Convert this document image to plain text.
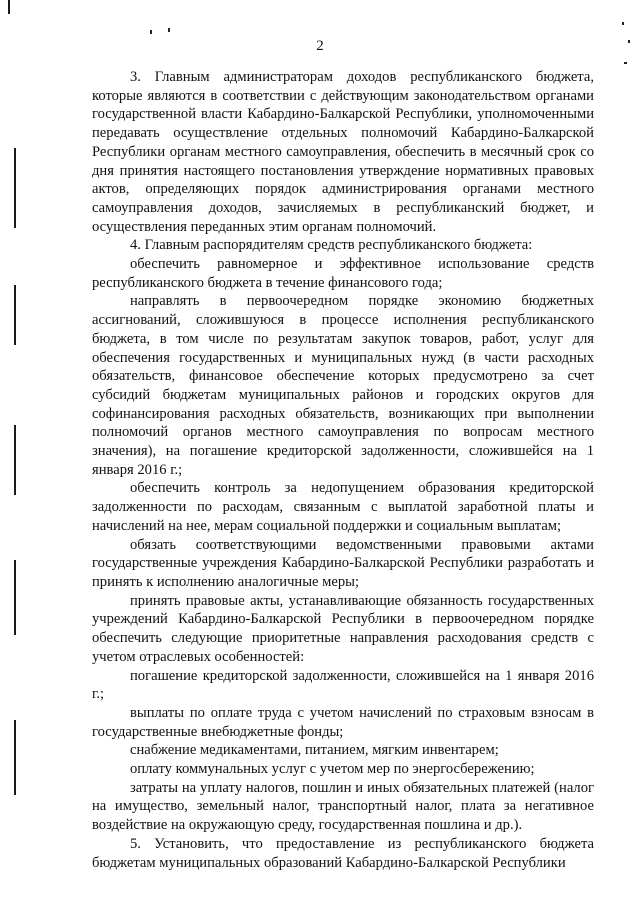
2

3. Главным администраторам доходов республиканского бюджета, которые являются в соответствии с действующим законодательством органами государственной власти Кабардино-Балкарской Республики, уполномоченными передавать осуществление отдельных полномочий Кабардино-Балкарской Республики органам местного самоуправления, обеспечить в месячный срок со дня принятия настоящего постановления утверждение нормативных правовых актов, определяющих порядок администрирования органами местного самоуправления доходов, зачисляемых в республиканский бюджет, и осуществления переданных этим органам полномочий.

4. Главным распорядителям средств республиканского бюджета:

обеспечить равномерное и эффективное использование средств республиканского бюджета в течение финансового года;

направлять в первоочередном порядке экономию бюджетных ассигнований, сложившуюся в процессе исполнения республиканского бюджета, в том числе по результатам закупок товаров, работ, услуг для обеспечения государственных и муниципальных нужд (в части расходных обязательств, финансовое обеспечение которых предусмотрено за счет субсидий бюджетам муниципальных районов и городских округов для софинансирования расходных обязательств, возникающих при выполнении полномочий органов местного самоуправления по вопросам местного значения), на погашение кредиторской задолженности, сложившейся на 1 января 2016 г.;

обеспечить контроль за недопущением образования кредиторской задолженности по расходам, связанным с выплатой заработной платы и начислений на нее, мерам социальной поддержки и социальным выплатам;

обязать соответствующими ведомственными правовыми актами государственные учреждения Кабардино-Балкарской Республики разработать и принять к исполнению аналогичные меры;

принять правовые акты, устанавливающие обязанность государственных учреждений Кабардино-Балкарской Республики в первоочередном порядке обеспечить следующие приоритетные направления расходования средств с учетом отраслевых особенностей:

погашение кредиторской задолженности, сложившейся на 1 января 2016 г.;

выплаты по оплате труда с учетом начислений по страховым взносам в государственные внебюджетные фонды;

снабжение медикаментами, питанием, мягким инвентарем;

оплату коммунальных услуг с учетом мер по энергосбережению;

затраты на уплату налогов, пошлин и иных обязательных платежей (налог на имущество, земельный налог, транспортный налог, плата за негативное воздействие на окружающую среду, государственная пошлина и др.).

5. Установить, что предоставление из республиканского бюджета бюджетам муниципальных образований Кабардино-Балкарской Республики
